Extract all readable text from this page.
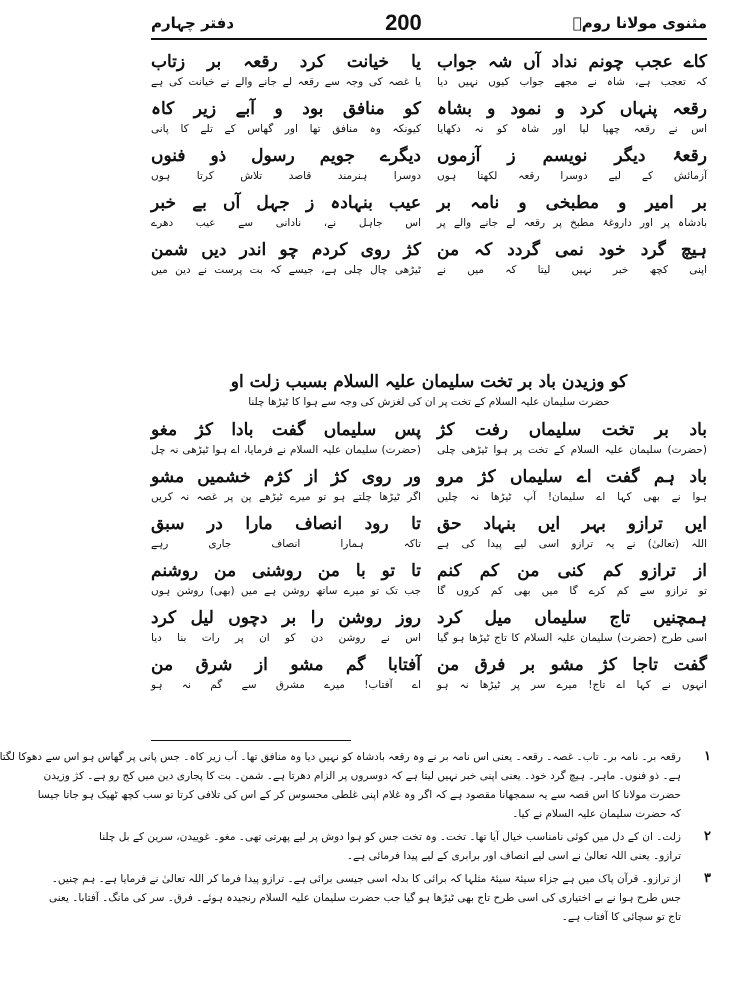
مثنوی مولانا رومؒ
200
دفتر چہارم
کاے عجب چونم نداد آں شہ جواب
کہ تعجب ہے، شاہ نے مجھے جواب کیوں نہیں دیا
رقعہ پنہاں کرد و نمود و بشاہ
اس نے رقعہ چھپا لیا اور شاہ کو نہ دکھایا
رقعۂ دیگر نویسم ز آزموں
آزمائش کے لیے دوسرا رقعہ لکھتا ہوں
بر امیر و مطبخی و نامہ بر
بادشاہ پر اور داروغۂ مطبخ پر رقعہ لے جانے والے پر
ہیچ گرد خود نمی گردد کہ من
اپنی کچھ خبر نہیں لیتا کہ میں نے
یا خیانت کرد رقعہ بر زتاب
یا غصہ کی وجہ سے رقعہ لے جانے والے نے خیانت کی ہے
کو منافق بود و آبے زیر کاہ
کیونکہ وہ منافق تھا اور گھاس کے تلے کا پانی
دیگرے جویم رسول ذو فنوں
دوسرا ہنرمند قاصد تلاش کرتا ہوں
عیب بنہادہ ز جہل آں بے خبر
اس جاہل نے، نادانی سے عیب دھرے
کژ روی کردم چو اندر دیں شمن
ٹیڑھی چال چلی ہے، جیسے کہ بت پرست نے دین میں
کو وزیدن باد بر تخت سلیمان علیہ السلام بسبب زلت او
حضرت سلیمان علیہ السلام کے تخت پر ان کی لغزش کی وجہ سے ہوا کا ٹیڑھا چلنا
باد بر تخت سلیماں رفت کژ
(حضرت) سلیمان علیہ السلام کے تخت پر ہوا ٹیڑھی چلی
باد ہم گفت اے سلیماں کژ مرو
ہوا نے بھی کہا اے سلیمان! آپ ٹیڑھا نہ چلیں
ایں ترازو بہر ایں بنہاد حق
اللہ (تعالیٰ) نے یہ ترازو اسی لیے پیدا کی ہے
از ترازو کم کنی من کم کنم
تو ترازو سے کم کرے گا میں بھی کم کروں گا
ہمچنیں تاج سلیماں میل کرد
اسی طرح (حضرت) سلیمان علیہ السلام کا تاج ٹیڑھا ہو گیا
گفت تاجا کژ مشو بر فرق من
انہوں نے کہا اے تاج! میرے سر پر ٹیڑھا نہ ہو
پس سلیماں گفت بادا کژ مغو
(حضرت) سلیمان علیہ السلام نے فرمایا، اے ہوا ٹیڑھی نہ چل
ور روی کژ از کژم خشمیں مشو
اگر ٹیڑھا چلتے ہو تو میرے ٹیڑھے پن پر غصہ نہ کریں
تا رود انصاف مارا در سبق
تاکہ ہمارا انصاف جاری رہے
تا تو با من روشنی من روشنم
جب تک تو میرے ساتھ روشن ہے میں (بھی) روشن ہوں
روز روشن را بر دچوں لیل کرد
اس نے روشن دن کو ان پر رات بنا دیا
آفتابا گم مشو از شرق من
اے آفتاب! میرے مشرق سے گم نہ ہو
۱
رقعہ بر۔ نامہ بر۔ تاب۔ غصہ۔ رقعہ۔ یعنی اس نامہ بر نے وہ رقعہ بادشاہ کو نہیں دیا وہ منافق تھا۔ آب زیر کاہ۔ جس پانی پر گھاس ہو اس سے دھوکا لگتا
ہے۔ ذو فنوں۔ ماہر۔ ہیچ گرد خود۔ یعنی اپنی خبر نہیں لیتا ہے کہ دوسروں پر الزام دھرتا ہے۔ شمن۔ بت کا پجاری دین میں کج رو ہے۔ کژ وزیدن
حضرت مولانا کا اس قصہ سے یہ سمجھانا مقصود ہے کہ اگر وہ غلام اپنی غلطی محسوس کر کے اس کی تلافی کرتا تو سب کچھ ٹھیک ہو جاتا جیسا
کہ حضرت سلیمان علیہ السلام نے کیا۔
۲
زلت۔ ان کے دل میں کوئی نامناسب خیال آیا تھا۔ تخت۔ وہ تخت جس کو ہوا دوش پر لیے پھرتی تھی۔ مغو۔ غوییدن، سرین کے بل چلنا
ترازو۔ یعنی اللہ تعالیٰ نے اسی لیے انصاف اور برابری کے لیے پیدا فرمائی ہے۔
۳
از ترازو۔ قرآن پاک میں ہے جزاء سیئۃ سیئۃ مثلہا کہ برائی کا بدلہ اسی جیسی برائی ہے۔ ترازو پیدا فرما کر اللہ تعالیٰ نے فرمایا ہے۔ ہم چنیں۔
جس طرح ہوا نے بے اختیاری کی اسی طرح تاج بھی ٹیڑھا ہو گیا جب حضرت سلیمان علیہ السلام رنجیدہ ہوئے۔ فرق۔ سر کی مانگ۔ آفتابا۔ یعنی
تاج تو سچائی کا آفتاب ہے۔
